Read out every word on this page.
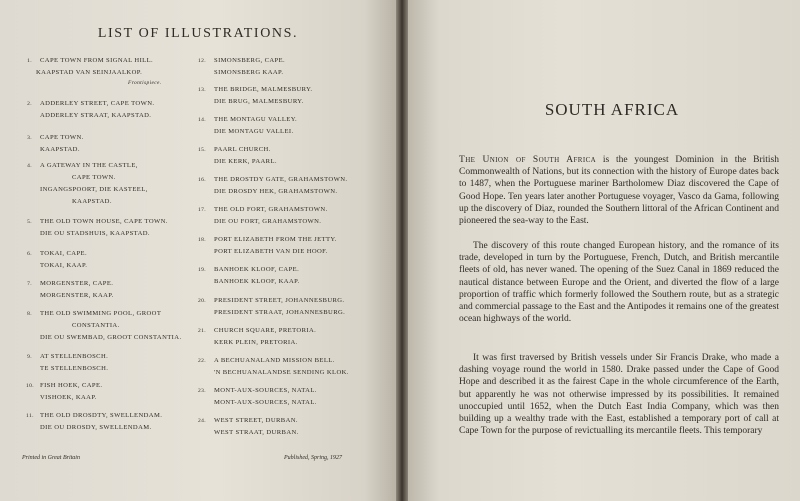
LIST OF ILLUSTRATIONS.
1.	CAPE TOWN FROM SIGNAL HILL.
KAAPSTAD VAN SEINJAALKOP.
Frontispiece.
2.	ADDERLEY STREET, CAPE TOWN.
ADDERLEY STRAAT, KAAPSTAD.
3.	CAPE TOWN.
KAAPSTAD.
4.	A GATEWAY IN THE CASTLE,
CAPE TOWN.
INGANGSPOORT, DIE KASTEEL,
KAAPSTAD.
5.	THE OLD TOWN HOUSE, CAPE TOWN.
DIE OU STADSHUIS, KAAPSTAD.
6.	TOKAI, CAPE.
TOKAI, KAAP.
7.	MORGENSTER, CAPE.
MORGENSTER, KAAP.
8.	THE OLD SWIMMING POOL, GROOT
CONSTANTIA.
DIE OU SWEMBAD, GROOT CONSTANTIA.
9.	AT STELLENBOSCH.
TE STELLENBOSCH.
10. FISH HOEK, CAPE.
VISHOEK, KAAP.
11. THE OLD DROSDTY, SWELLENDAM.
DIE OU DROSDY, SWELLENDAM.
12.	SIMONSBERG, CAPE.
SIMONSBERG KAAP.
13.	THE BRIDGE, MALMESBURY.
DIE BRUG, MALMESBURY.
14.	THE MONTAGU VALLEY.
DIE MONTAGU VALLEI.
15.	PAARL CHURCH.
DIE KERK, PAARL.
16.	THE DROSTDY GATE, GRAHAMSTOWN.
DIE DROSDY HEK, GRAHAMSTOWN.
17.	THE OLD FORT, GRAHAMSTOWN.
DIE OU FORT, GRAHAMSTOWN.
18.	PORT ELIZABETH FROM THE JETTY.
PORT ELIZABETH VAN DIE HOOF.
19.	BANHOEK KLOOF, CAPE.
BANHOEK KLOOF, KAAP.
20.	PRESIDENT STREET, JOHANNESBURG.
PRESIDENT STRAAT, JOHANNESBURG.
21.	CHURCH SQUARE, PRETORIA.
KERK PLEIN, PRETORIA.
22.	A BECHUANALAND MISSION BELL.
'N BECHUANALANDSE SENDING KLOK.
23.	MONT-AUX-SOURCES, NATAL.
MONT-AUX-SOURCES, NATAL.
24.	WEST STREET, DURBAN.
WEST STRAAT, DURBAN.
Printed in Great Britain	Published, Spring, 1927
SOUTH AFRICA
The Union of South Africa is the youngest Dominion in the British Commonwealth of Nations, but its connection with the history of Europe dates back to 1487, when the Portuguese mariner Bartholomew Diaz discovered the Cape of Good Hope. Ten years later another Portuguese voyager, Vasco da Gama, following up the discovery of Diaz, rounded the Southern littoral of the African Continent and pioneered the sea-way to the East.
The discovery of this route changed European history, and the romance of its trade, developed in turn by the Portuguese, French, Dutch, and British mercantile fleets of old, has never waned. The opening of the Suez Canal in 1869 reduced the nautical distance between Europe and the Orient, and diverted the flow of a large proportion of traffic which formerly followed the Southern route, but as a strategic and commercial passage to the East and the Antipodes it remains one of the greatest ocean highways of the world.
It was first traversed by British vessels under Sir Francis Drake, who made a dashing voyage round the world in 1580. Drake passed under the Cape of Good Hope and described it as the fairest Cape in the whole circumference of the Earth, but apparently he was not otherwise impressed by its possibilities. It remained unoccupied until 1652, when the Dutch East India Company, which was then building up a wealthy trade with the East, established a temporary port of call at Cape Town for the purpose of revictualling its mercantile fleets. This temporary
